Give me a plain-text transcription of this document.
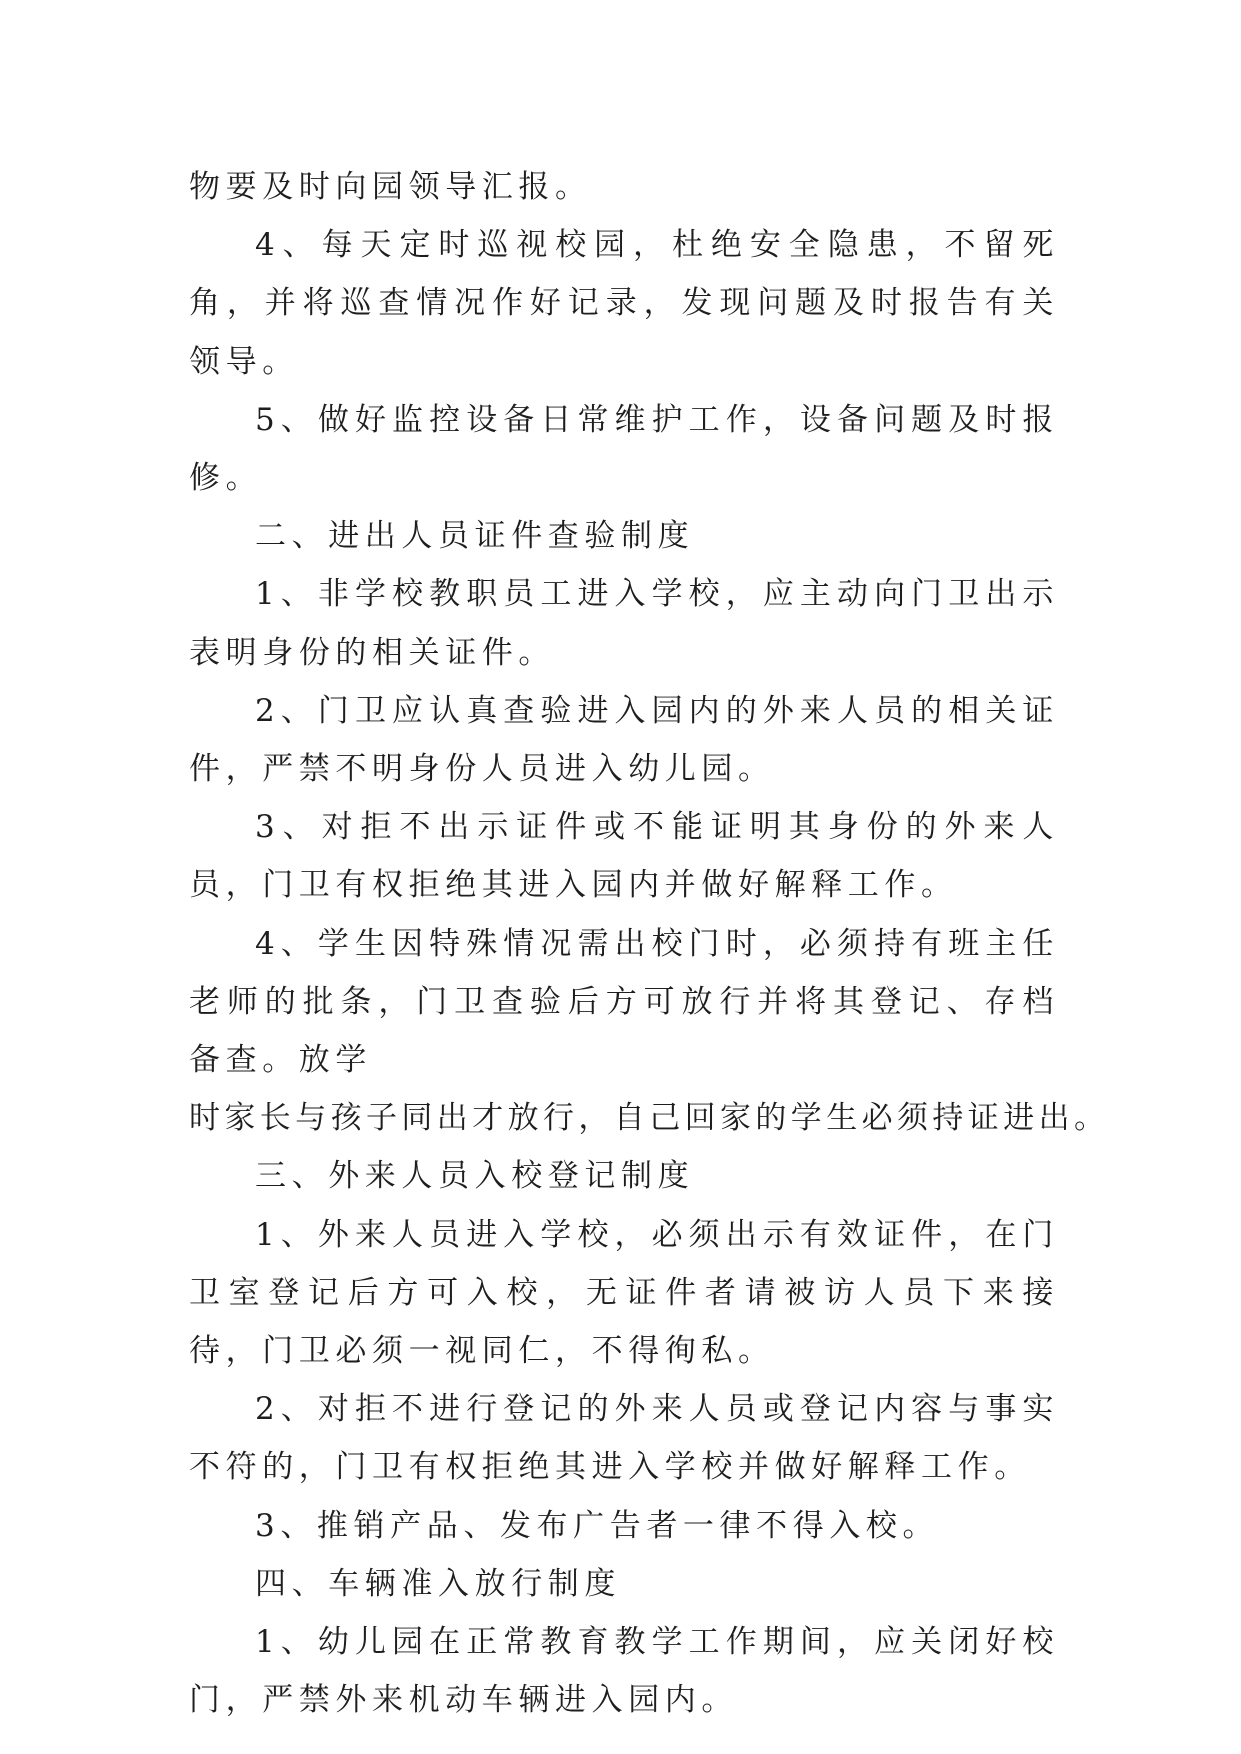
物要及时向园领导汇报。

4、每天定时巡视校园，杜绝安全隐患，不留死角，并将巡查情况作好记录，发现问题及时报告有关领导。

5、做好监控设备日常维护工作，设备问题及时报修。

二、进出人员证件查验制度

1、非学校教职员工进入学校，应主动向门卫出示表明身份的相关证件。

2、门卫应认真查验进入园内的外来人员的相关证件，严禁不明身份人员进入幼儿园。

3、对拒不出示证件或不能证明其身份的外来人员，门卫有权拒绝其进入园内并做好解释工作。

4、学生因特殊情况需出校门时，必须持有班主任老师的批条，门卫查验后方可放行并将其登记、存档备查。放学

时家长与孩子同出才放行，自己回家的学生必须持证进出。

三、外来人员入校登记制度

1、外来人员进入学校，必须出示有效证件，在门卫室登记后方可入校，无证件者请被访人员下来接待，门卫必须一视同仁，不得徇私。

2、对拒不进行登记的外来人员或登记内容与事实不符的，门卫有权拒绝其进入学校并做好解释工作。

3、推销产品、发布广告者一律不得入校。

四、车辆准入放行制度

1、幼儿园在正常教育教学工作期间，应关闭好校门，严禁外来机动车辆进入园内。
